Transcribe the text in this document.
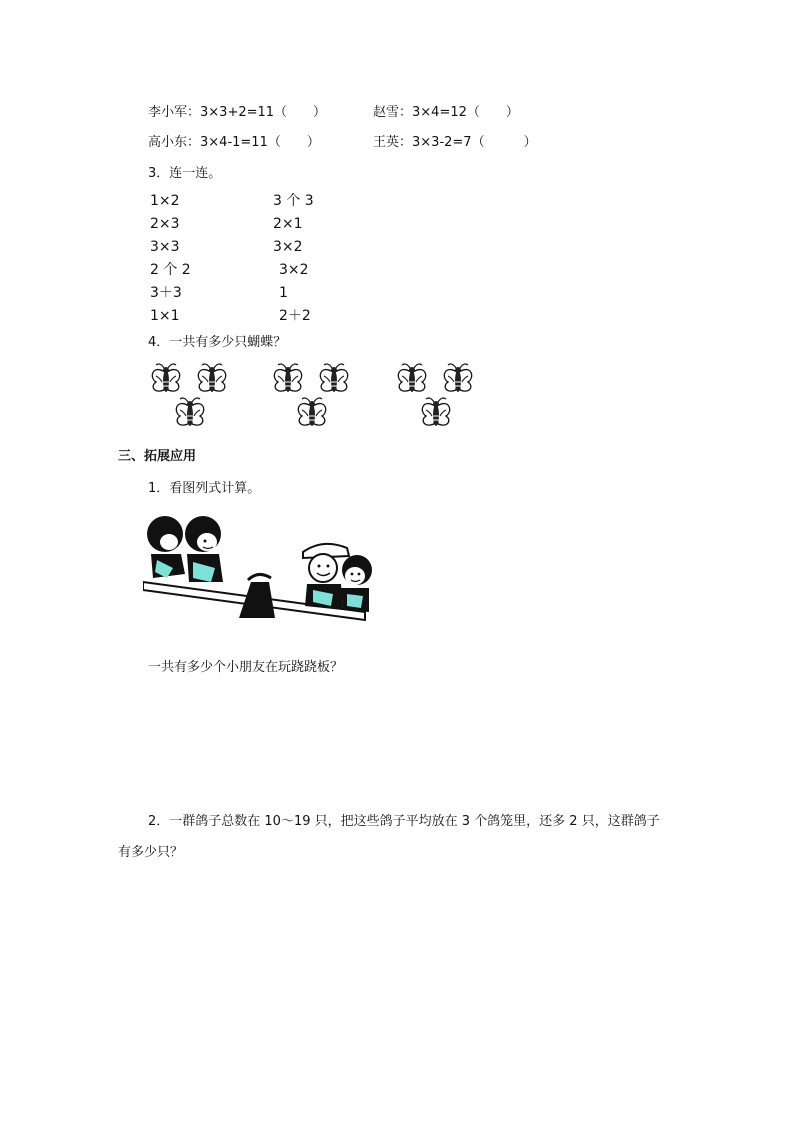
李小军：3×3+2=11（　　）	赵雪：3×4=12（　　）
高小东：3×4-1=11（　　）	王英：3×3-2=7（　　　）
3．连一连。
1×2
2×3
3×3
2 个 2
3＋3
1×1
3 个 3
2×1
3×2
3×2
1
2＋2
4．一共有多少只蝴蝶？
三、拓展应用
1．看图列式计算。
一共有多少个小朋友在玩跷跷板？
2．一群鸽子总数在 10～19 只，把这些鸽子平均放在 3 个鸽笼里，还多 2 只，这群鸽子
有多少只？
